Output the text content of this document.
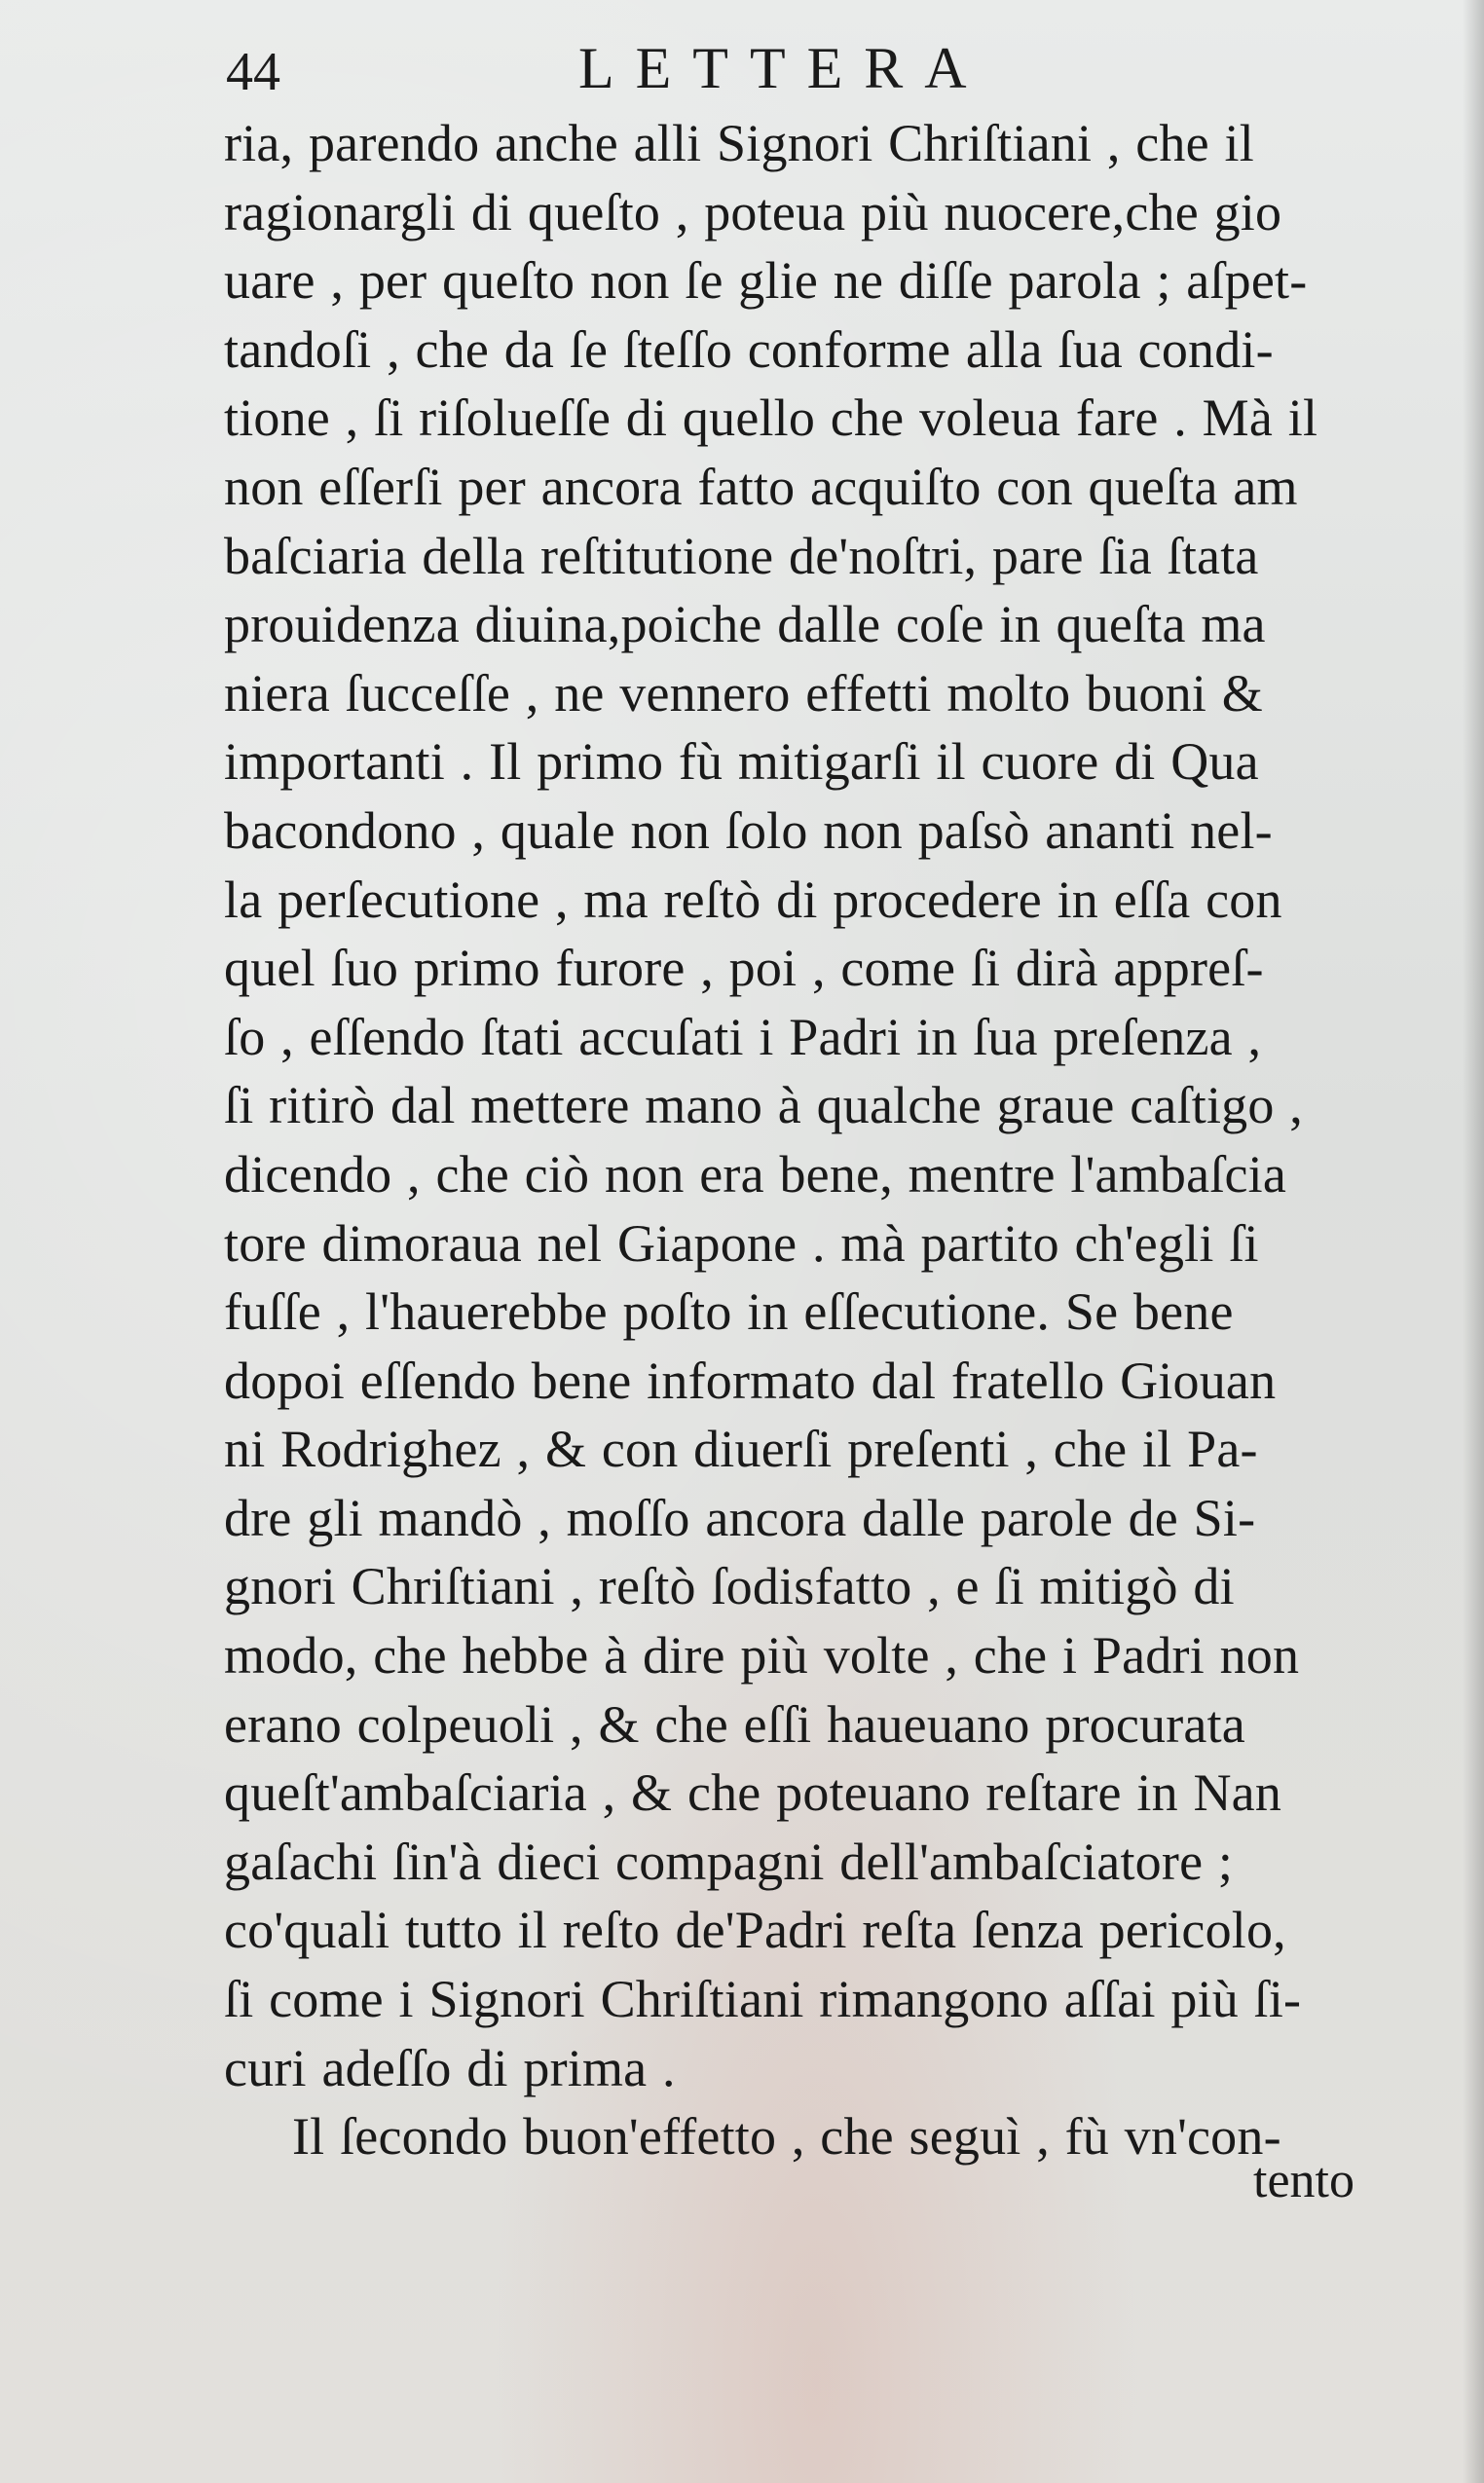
44	LETTERA
ria, parendo anche alli Signori Chriſtiani , che il
ragionargli di queſto , poteua più nuocere,che gio
uare , per queſto non ſe glie ne diſſe parola ; aſpet-
tandoſi , che da ſe ſteſſo conforme alla ſua condi-
tione , ſi riſolueſſe di quello che voleua fare . Mà il
non eſſerſi per ancora fatto acquiſto con queſta am
baſciaria della reſtitutione de'noſtri, pare ſia ſtata
prouidenza diuina,poiche dalle coſe in queſta ma
niera ſucceſſe , ne vennero effetti molto buoni &
importanti . Il primo fù mitigarſi il cuore di Qua
bacondono , quale non ſolo non paſsò ananti nel-
la perſecutione , ma reſtò di procedere in eſſa con
quel ſuo primo furore , poi , come ſi dirà appreſ-
ſo , eſſendo ſtati accuſati i Padri in ſua preſenza ,
ſi ritirò dal mettere mano à qualche graue caſtigo ,
dicendo , che ciò non era bene, mentre l'ambaſcia
tore dimoraua nel Giapone . mà partito ch'egli ſi
fuſſe , l'hauerebbe poſto in eſſecutione. Se bene
dopoi eſſendo bene informato dal fratello Giouan
ni Rodrighez , & con diuerſi preſenti , che il Pa-
dre gli mandò , moſſo ancora dalle parole de Si-
gnori Chriſtiani , reſtò ſodisfatto , e ſi mitigò di
modo, che hebbe à dire più volte , che i Padri non
erano colpeuoli , & che eſſi haueuano procurata
queſt'ambaſciaria , & che poteuano reſtare in Nan
gaſachi ſin'à dieci compagni dell'ambaſciatore ;
co'quali tutto il reſto de'Padri reſta ſenza pericolo,
ſi come i Signori Chriſtiani rimangono aſſai più ſi-
curi adeſſo di prima .
Il ſecondo buon'effetto , che seguì , fù vn'con-
tento
